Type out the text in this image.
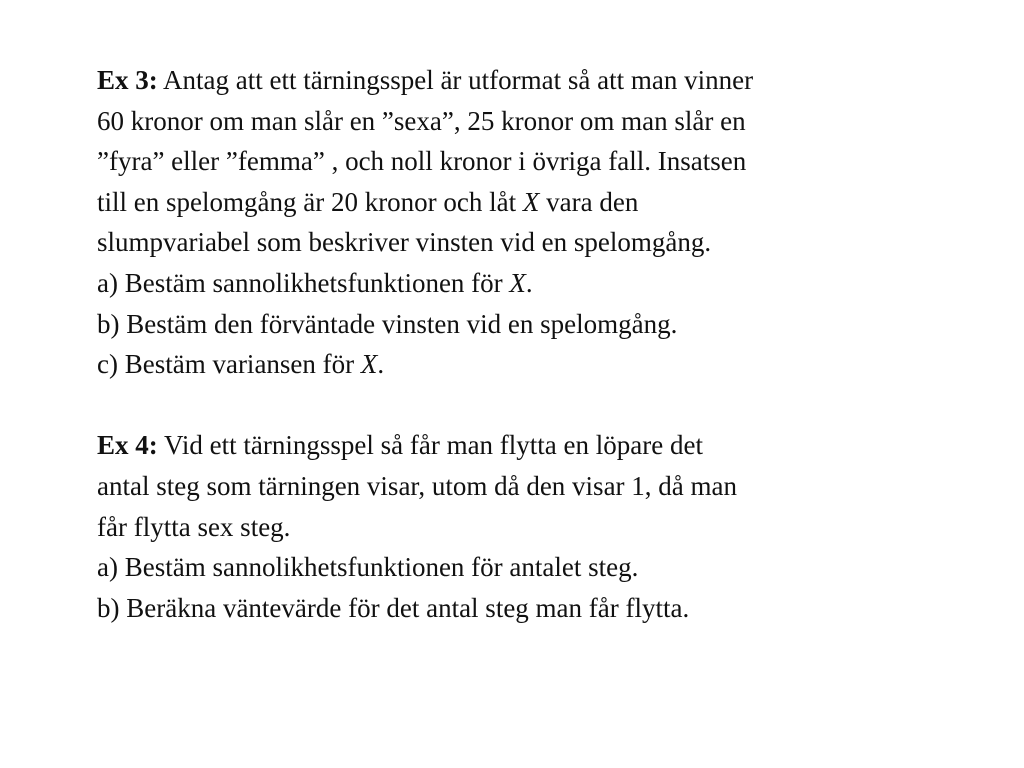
Ex 3: Antag att ett tärningsspel är utformat så att man vinner
60 kronor om man slår en ”sexa”, 25 kronor om man slår en
”fyra” eller ”femma” , och noll kronor i övriga fall. Insatsen
till en spelomgång är 20 kronor och låt X vara den
slumpvariabel som beskriver vinsten vid en spelomgång.
a) Bestäm sannolikhetsfunktionen för X.
b) Bestäm den förväntade vinsten vid en spelomgång.
c) Bestäm variansen för X.
Ex 4: Vid ett tärningsspel så får man flytta en löpare det
antal steg som tärningen visar, utom då den visar 1, då man
får flytta sex steg.
a) Bestäm sannolikhetsfunktionen för antalet steg.
b) Beräkna väntevärde för det antal steg man får flytta.
